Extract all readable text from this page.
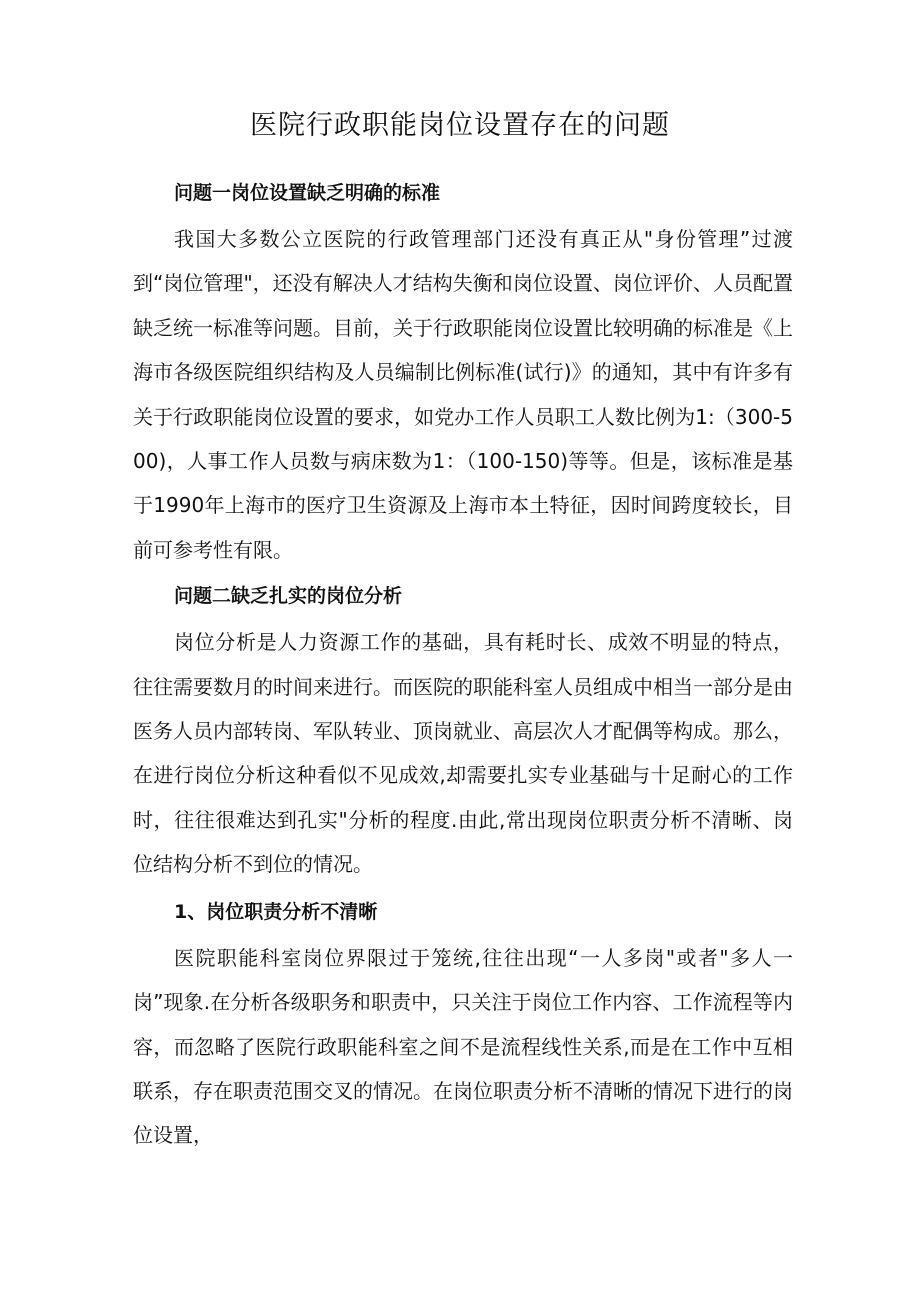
医院行政职能岗位设置存在的问题
问题一岗位设置缺乏明确的标准

我国大多数公立医院的行政管理部门还没有真正从"身份管理”过渡到“岗位管理"，还没有解决人才结构失衡和岗位设置、岗位评价、人员配置缺乏统一标准等问题。目前，关于行政职能岗位设置比较明确的标准是《上海市各级医院组织结构及人员编制比例标准(试行)》的通知，其中有许多有关于行政职能岗位设置的要求，如党办工作人员职工人数比例为1:（300-500)，人事工作人员数与病床数为1：（100-150)等等。但是，该标准是基于1990年上海市的医疗卫生资源及上海市本土特征，因时间跨度较长，目前可参考性有限。

问题二缺乏扎实的岗位分析

岗位分析是人力资源工作的基础，具有耗时长、成效不明显的特点，往往需要数月的时间来进行。而医院的职能科室人员组成中相当一部分是由医务人员内部转岗、军队转业、顶岗就业、高层次人才配偶等构成。那么，在进行岗位分析这种看似不见成效,却需要扎实专业基础与十足耐心的工作时，往往很难达到孔实"分析的程度.由此,常出现岗位职责分析不清晰、岗位结构分析不到位的情况。

1、岗位职责分析不清晰

医院职能科室岗位界限过于笼统,往往出现“一人多岗"或者"多人一岗”现象.在分析各级职务和职责中，只关注于岗位工作内容、工作流程等内容，而忽略了医院行政职能科室之间不是流程线性关系,而是在工作中互相联系，存在职责范围交叉的情况。在岗位职责分析不清晰的情况下进行的岗位设置，
